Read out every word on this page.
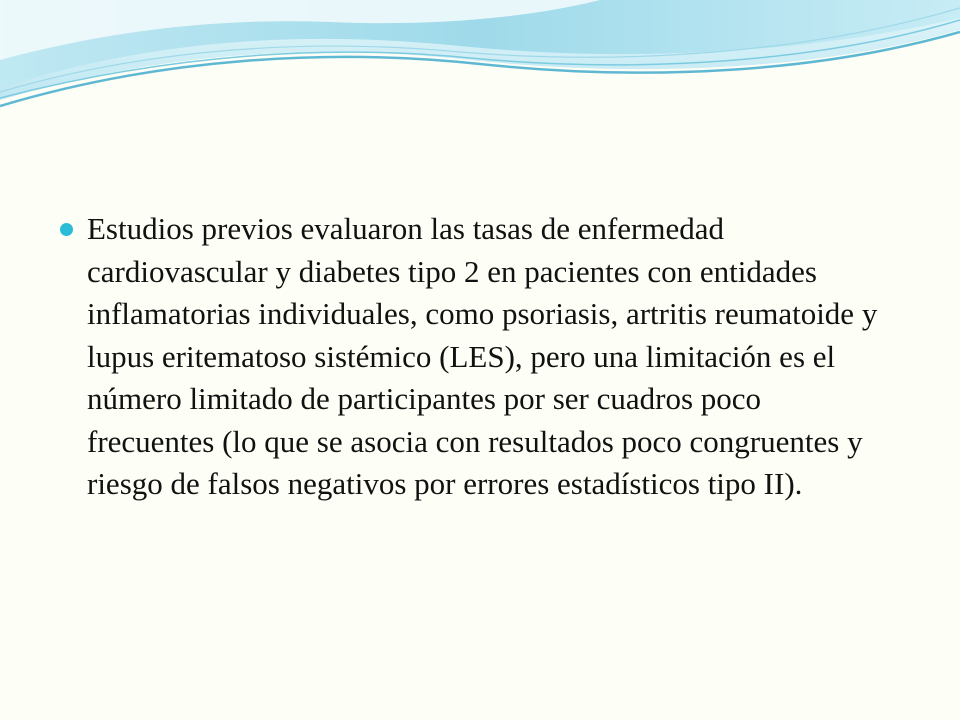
Estudios previos evaluaron las tasas de enfermedad cardiovascular y diabetes tipo 2 en pacientes con entidades inflamatorias individuales, como psoriasis, artritis reumatoide y lupus eritematoso sistémico (LES), pero una limitación es el número limitado de participantes por ser cuadros poco frecuentes (lo que se asocia con resultados poco congruentes y riesgo de falsos negativos por errores estadísticos tipo II).
